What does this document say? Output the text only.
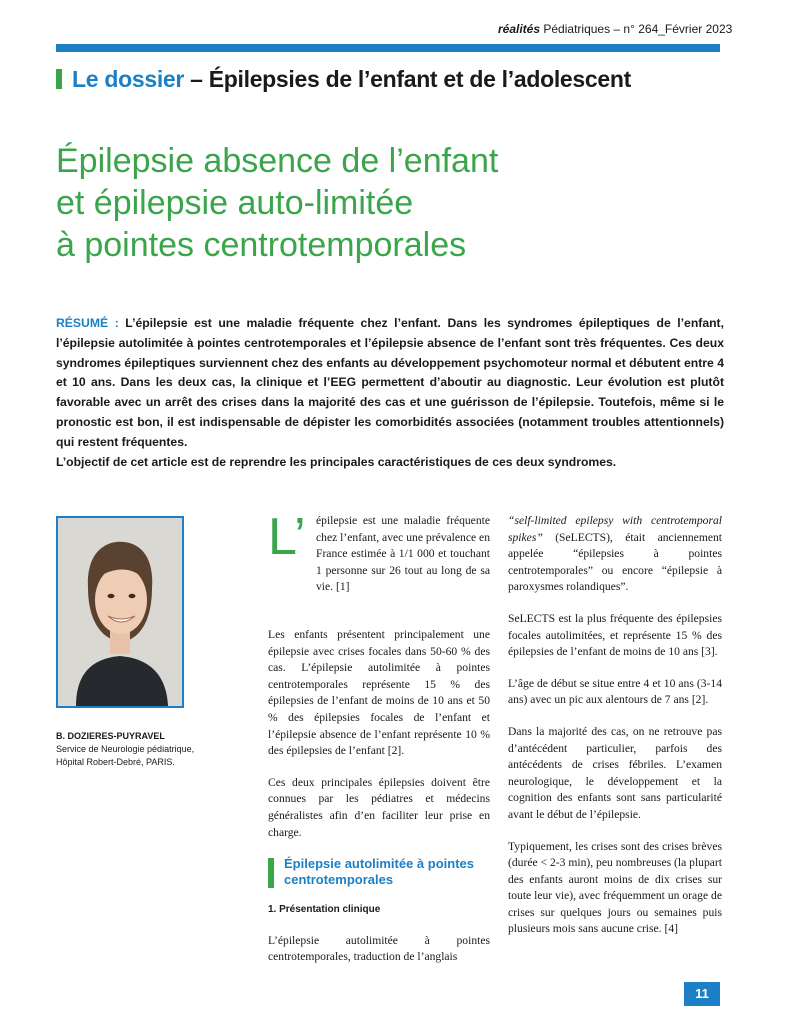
réalités Pédiatriques – n° 264_Février 2023
Le dossier – Épilepsies de l’enfant et de l’adolescent
Épilepsie absence de l’enfant
et épilepsie auto-limitée
à pointes centrotemporales
RÉSUMÉ : L’épilepsie est une maladie fréquente chez l’enfant. Dans les syndromes épileptiques de l’enfant, l’épilepsie autolimitée à pointes centrotemporales et l’épilepsie absence de l’enfant sont très fréquentes. Ces deux syndromes épileptiques surviennent chez des enfants au développement psychomoteur normal et débutent entre 4 et 10 ans. Dans les deux cas, la clinique et l’EEG permettent d’aboutir au diagnostic. Leur évolution est plutôt favorable avec un arrêt des crises dans la majorité des cas et une guérisson de l’épilepsie. Toutefois, même si le pronostic est bon, il est indispensable de dépister les comorbidités associées (notamment troubles attentionnels) qui restent fréquentes.
L’objectif de cet article est de reprendre les principales caractéristiques de ces deux syndromes.
B. DOZIERES-PUYRAVEL
Service de Neurologie pédiatrique,
Hôpital Robert-Debré, PARIS.
L’ épilepsie est une maladie fréquente chez l’enfant, avec une prévalence en France estimée à 1/1 000 et touchant 1 personne sur 26 tout au long de sa vie. [1]

Les enfants présentent principalement une épilepsie avec crises focales dans 50-60 % des cas. L’épilepsie autolimitée à pointes centrotemporales représente 15 % des épilepsies de l’enfant de moins de 10 ans et 50 % des épilepsies focales de l’enfant et l’épilepsie absence de l’enfant représente 10 % des épilepsies de l’enfant [2].

Ces deux principales épilepsies doivent être connues par les pédiatres et médecins généralistes afin d’en faciliter leur prise en charge.

Épilepsie autolimitée à pointes centrotemporales
1. Présentation clinique

L’épilepsie autolimitée à pointes centrotemporales, traduction de l’anglais

“self-limited epilepsy with centrotemporal spikes” (SeLECTS), était anciennement appelée “épilepsies à pointes centrotemporales” ou encore “épilepsie à paroxysmes rolandiques”.

SeLECTS est la plus fréquente des épilepsies focales autolimitées, et représente 15 % des épilepsies de l’enfant de moins de 10 ans [3].

L’âge de début se situe entre 4 et 10 ans (3-14 ans) avec un pic aux alentours de 7 ans [2].

Dans la majorité des cas, on ne retrouve pas d’antécédent particulier, parfois des antécédents de crises fébriles. L’examen neurologique, le développement et la cognition des enfants sont sans particularité avant le début de l’épilepsie.

Typiquement, les crises sont des crises brèves (durée < 2-3 min), peu nombreuses (la plupart des enfants auront moins de dix crises sur toute leur vie), avec fréquemment un orage de crises sur quelques jours ou semaines puis plusieurs mois sans aucune crise. [4]

11
